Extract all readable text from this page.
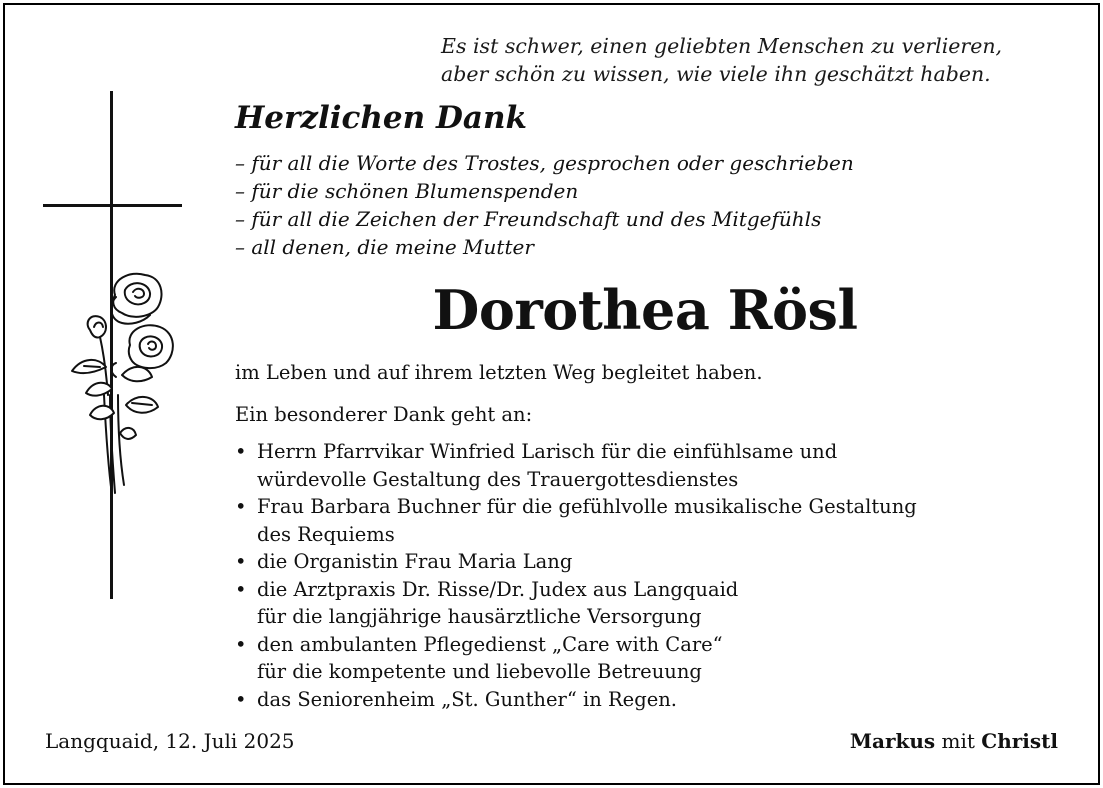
Es ist schwer, einen geliebten Menschen zu verlieren,
aber schön zu wissen, wie viele ihn geschätzt haben.
Herzlichen Dank
– für all die Worte des Trostes, gesprochen oder geschrieben
– für die schönen Blumenspenden
– für all die Zeichen der Freundschaft und des Mitgefühls
– all denen, die meine Mutter
Dorothea Rösl
im Leben und auf ihrem letzten Weg begleitet haben.
Ein besonderer Dank geht an:
• Herrn Pfarrvikar Winfried Larisch für die einfühlsame und
würdevolle Gestaltung des Trauergottesdienstes
• Frau Barbara Buchner für die gefühlvolle musikalische Gestaltung
des Requiems
• die Organistin Frau Maria Lang
• die Arztpraxis Dr. Risse/Dr. Judex aus Langquaid
für die langjährige hausärztliche Versorgung
• den ambulanten Pflegedienst „Care with Care“
für die kompetente und liebevolle Betreuung
• das Seniorenheim „St. Gunther“ in Regen.
Langquaid, 12. Juli 2025	Markus mit Christl
